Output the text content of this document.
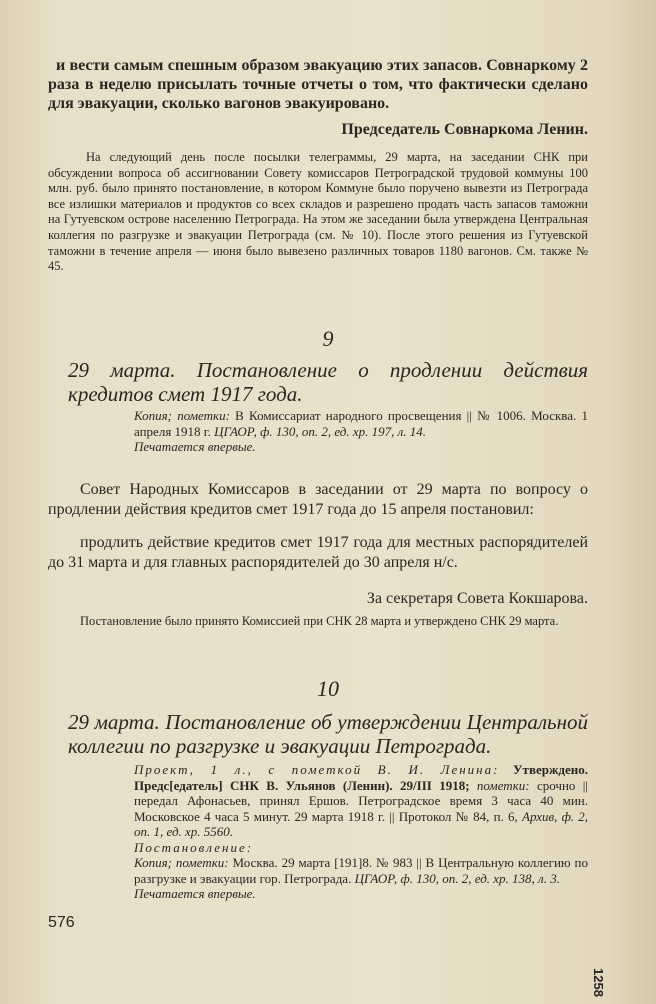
и вести самым спешным образом эвакуацию этих запасов. Совнаркому 2 раза в неделю присылать точные отчеты о том, что фактически сделано для эвакуации, сколько вагонов эвакуировано.

Председатель Совнаркома Ленин.

На следующий день после посылки телеграммы, 29 марта, на заседании СНК при обсуждении вопроса об ассигновании Совету комиссаров Петроградской трудовой коммуны 100 млн. руб. было принято постановление, в котором Коммуне было поручено вывезти из Петрограда все излишки материалов и продуктов со всех складов и разрешено продать часть запасов таможни на Гутуевском острове населению Петрограда. На этом же заседании была утверждена Центральная коллегия по разгрузке и эвакуации Петрограда (см. № 10). После этого решения из Гутуевской таможни в течение апреля — июня было вывезено различных товаров 1180 вагонов. См. также № 45.

9
29 марта. Постановление о продлении действия кредитов смет 1917 года.
Копия; пометки: В Комиссариат народного просвещения || № 1006. Москва. 1 апреля 1918 г. ЦГАОР, ф. 130, оп. 2, ед. хр. 197, л. 14.
Печатается впервые.

Совет Народных Комиссаров в заседании от 29 марта по вопросу о продлении действия кредитов смет 1917 года до 15 апреля постановил:

продлить действие кредитов смет 1917 года для местных распорядителей до 31 марта и для главных распорядителей до 30 апреля н/с.

За секретаря Совета Кокшарова.

Постановление было принято Комиссией при СНК 28 марта и утверждено СНК 29 марта.

10
29 марта. Постановление об утверждении Центральной коллегии по разгрузке и эвакуации Петрограда.
Проект, 1 л., с пометкой В. И. Ленина: Утверждено. Предс[едатель] СНК В. Ульянов (Ленин). 29/III 1918; пометки: срочно || передал Афонасьев, принял Ершов. Петроградское время 3 часа 40 мин. Московское 4 часа 5 минут. 29 марта 1918 г. || Протокол № 84, п. 6, Архив, ф. 2, оп. 1, ед. хр. 5560.
Постановление:
Копия; пометки: Москва. 29 марта [191]8. № 983 || В Центральную коллегию по разгрузке и эвакуации гор. Петрограда. ЦГАОР, ф. 130, оп. 2, ед. хр. 138, л. 3.
Печатается впервые.
576
1258
